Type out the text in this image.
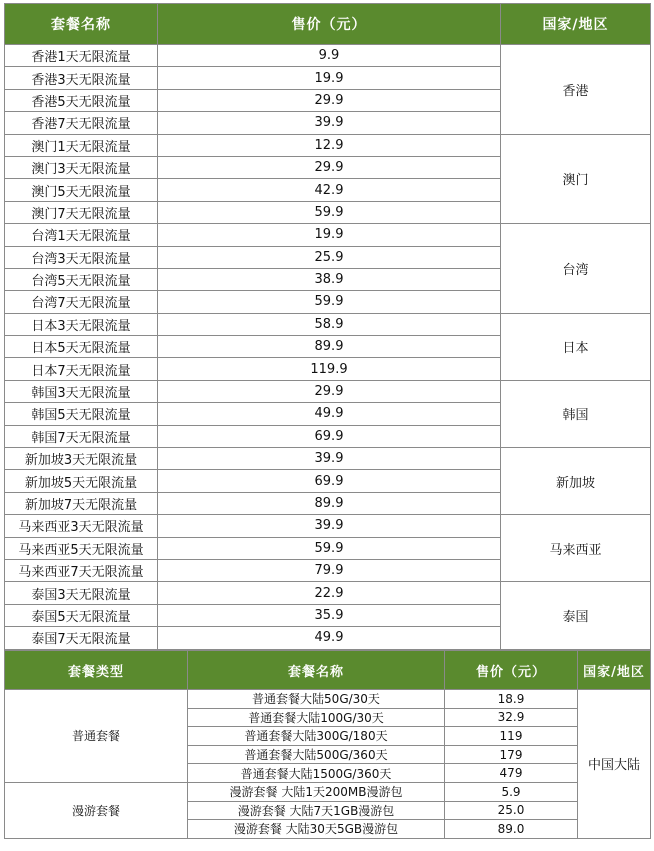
套餐名称	售价（元）	国家/地区
香港1天无限流量	9.9	香港
香港3天无限流量	19.9	
香港5天无限流量	29.9	
香港7天无限流量	39.9	
澳门1天无限流量	12.9	澳门
澳门3天无限流量	29.9	
澳门5天无限流量	42.9	
澳门7天无限流量	59.9	
台湾1天无限流量	19.9	台湾
台湾3天无限流量	25.9	
台湾5天无限流量	38.9	
台湾7天无限流量	59.9	
日本3天无限流量	58.9	日本
日本5天无限流量	89.9	
日本7天无限流量	119.9	
韩国3天无限流量	29.9	韩国
韩国5天无限流量	49.9	
韩国7天无限流量	69.9	
新加坡3天无限流量	39.9	新加坡
新加坡5天无限流量	69.9	
新加坡7天无限流量	89.9	
马来西亚3天无限流量	39.9	马来西亚
马来西亚5天无限流量	59.9	
马来西亚7天无限流量	79.9	
泰国3天无限流量	22.9	泰国
泰国5天无限流量	35.9	
泰国7天无限流量	49.9	
套餐类型	套餐名称	售价（元）	国家/地区
普通套餐	普通套餐大陆50G/30天	18.9	中国大陆
	普通套餐大陆100G/30天	32.9	
	普通套餐大陆300G/180天	119	
	普通套餐大陆500G/360天	179	
	普通套餐大陆1500G/360天	479	
漫游套餐	漫游套餐 大陆1天200MB漫游包	5.9	
	漫游套餐 大陆7天1GB漫游包	25.0	
	漫游套餐 大陆30天5GB漫游包	89.0	
